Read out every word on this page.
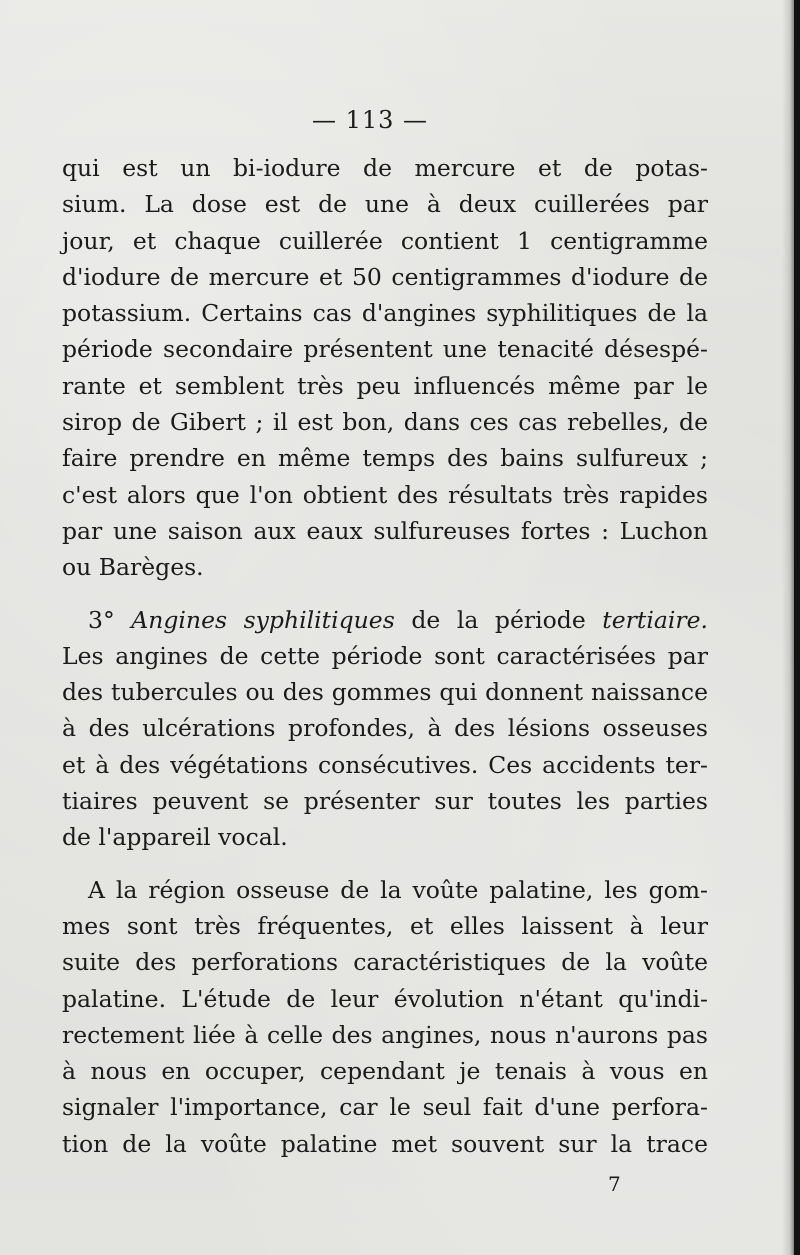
— 113 —
qui est un bi-iodure de mercure et de potas-
sium. La dose est de une à deux cuillerées par
jour, et chaque cuillerée contient 1 centigramme
d'iodure de mercure et 50 centigrammes d'iodure de
potassium. Certains cas d'angines syphilitiques de la
période secondaire présentent une tenacité désespé-
rante et semblent très peu influencés même par le
sirop de Gibert ; il est bon, dans ces cas rebelles, de
faire prendre en même temps des bains sulfureux ;
c'est alors que l'on obtient des résultats très rapides
par une saison aux eaux sulfureuses fortes : Luchon
ou Barèges.
3° Angines syphilitiques de la période tertiaire.
Les angines de cette période sont caractérisées par
des tubercules ou des gommes qui donnent naissance
à des ulcérations profondes, à des lésions osseuses
et à des végétations consécutives. Ces accidents ter-
tiaires peuvent se présenter sur toutes les parties
de l'appareil vocal.
A la région osseuse de la voûte palatine, les gom-
mes sont très fréquentes, et elles laissent à leur
suite des perforations caractéristiques de la voûte
palatine. L'étude de leur évolution n'étant qu'indi-
rectement liée à celle des angines, nous n'aurons pas
à nous en occuper, cependant je tenais à vous en
signaler l'importance, car le seul fait d'une perfora-
tion de la voûte palatine met souvent sur la trace
7
